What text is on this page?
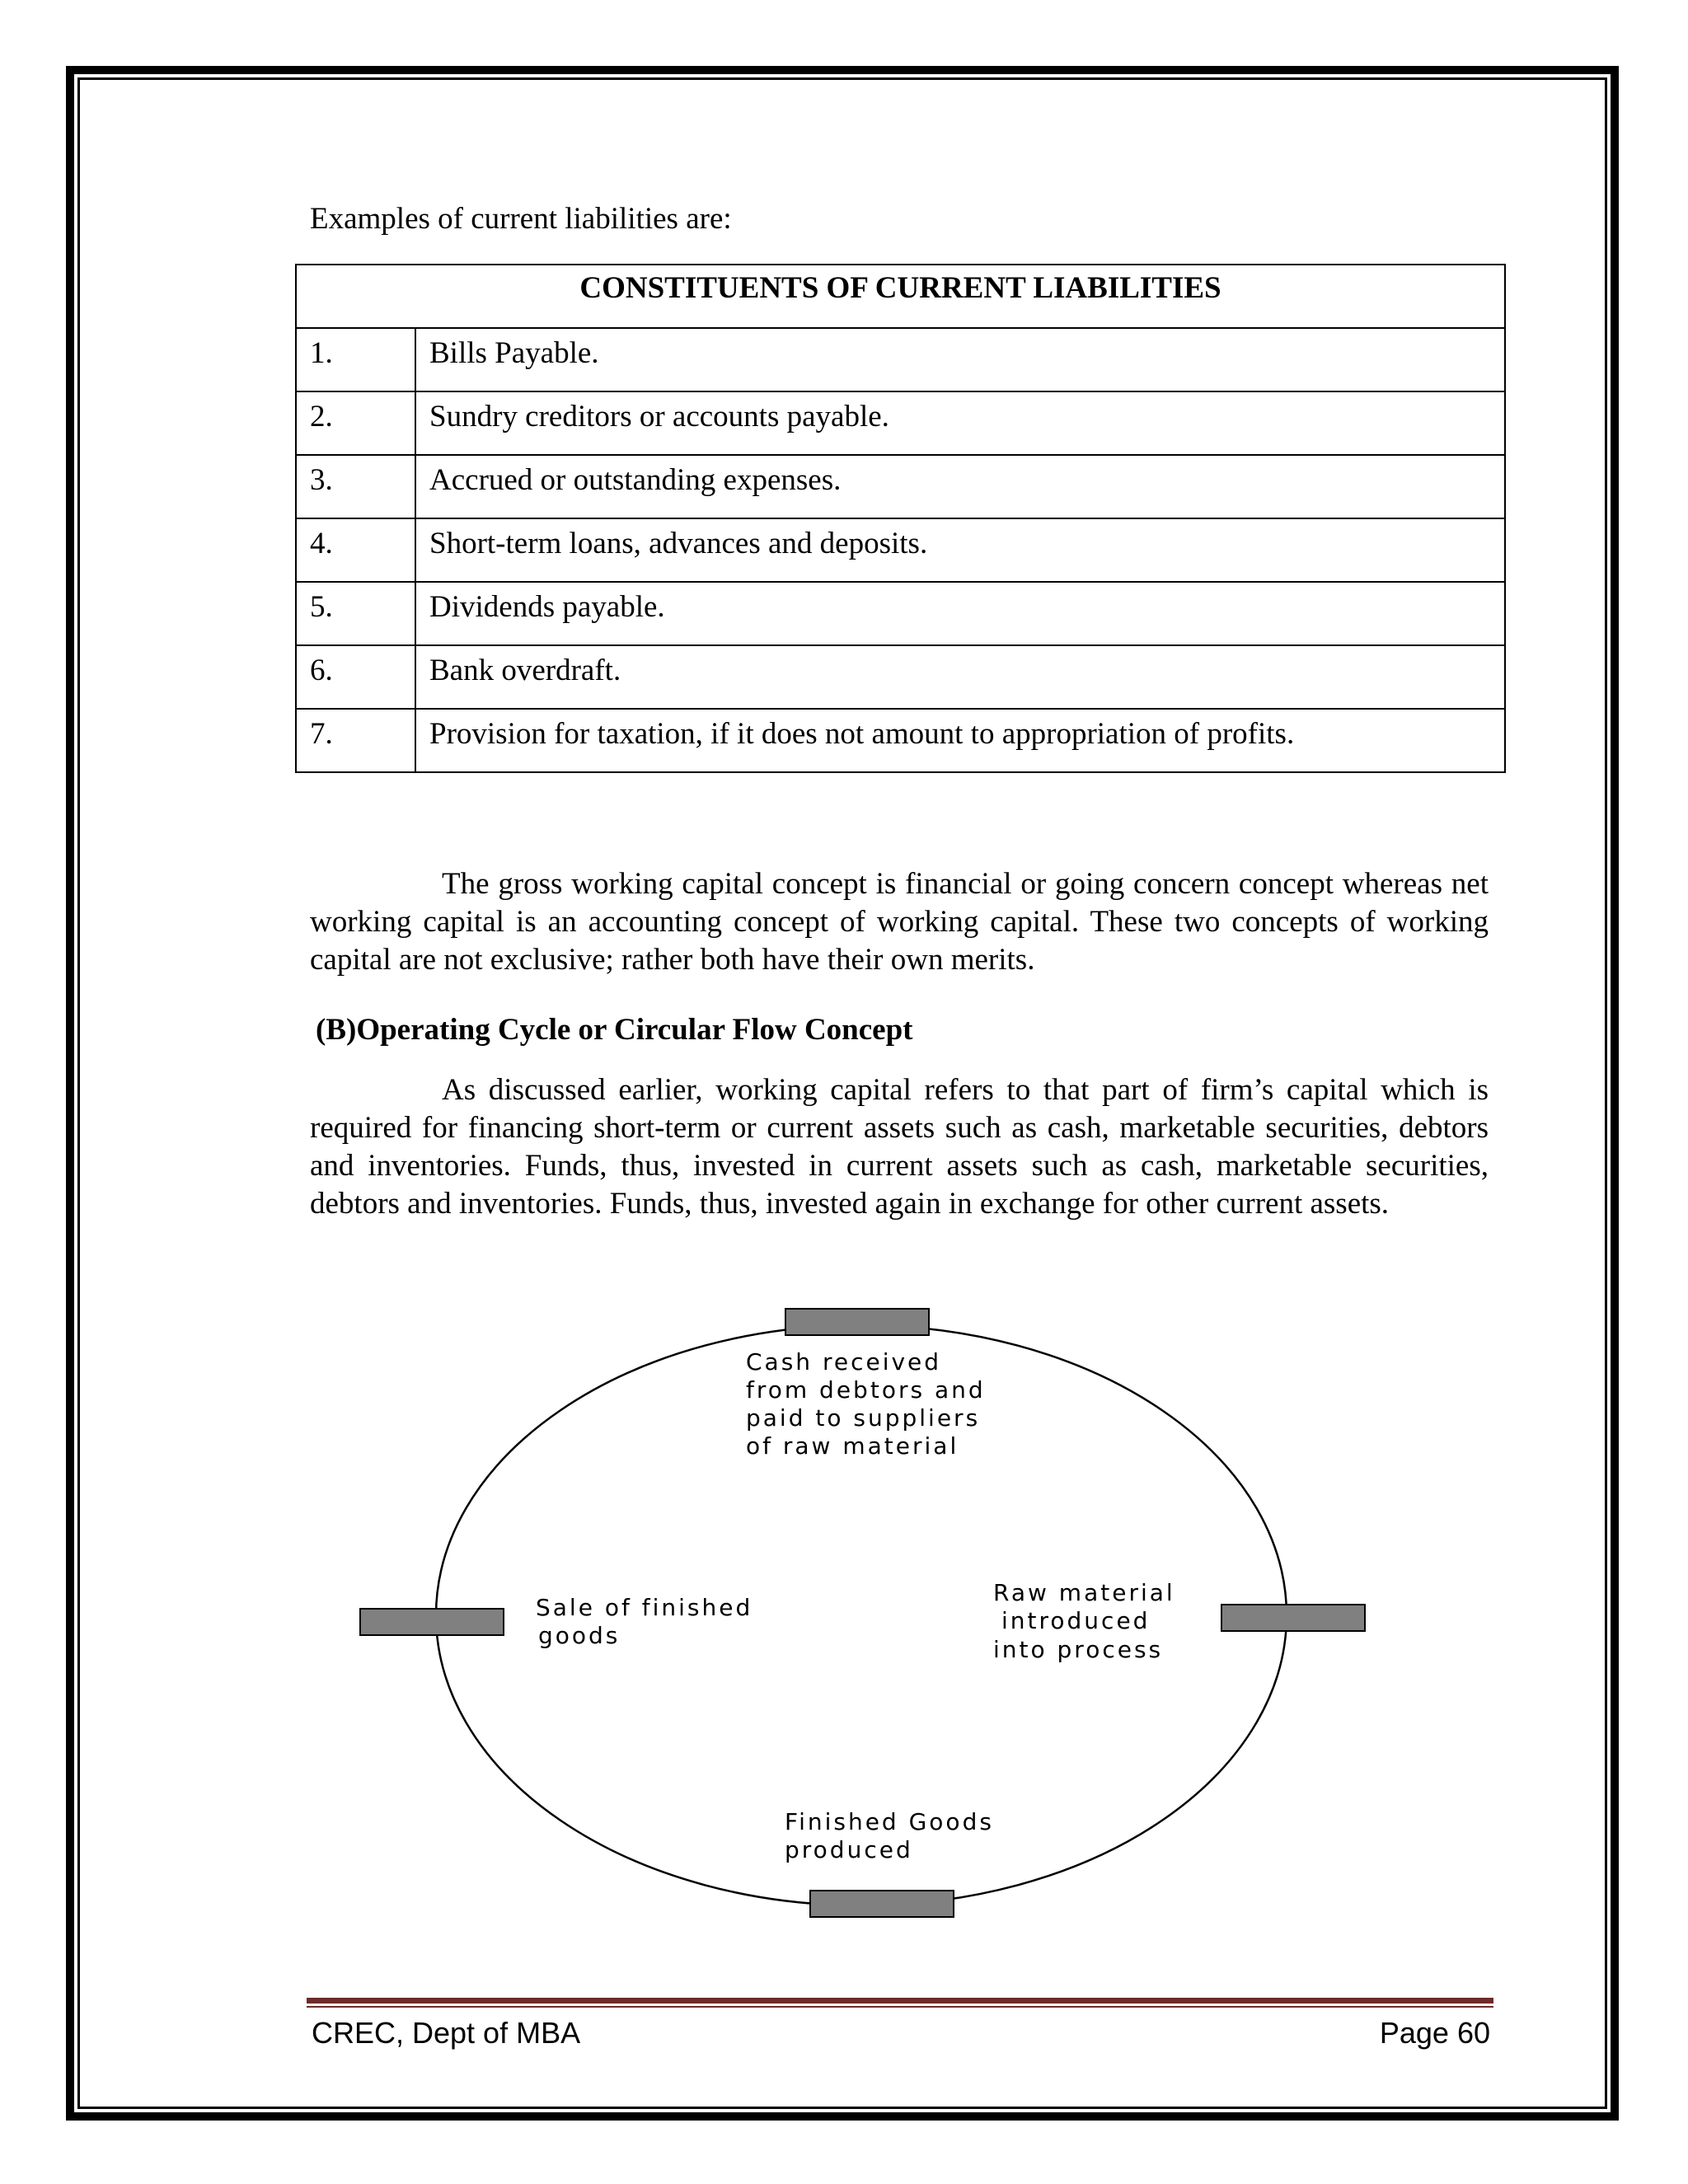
Examples of current liabilities are:
CONSTITUENTS OF CURRENT LIABILITIES	
1.	Bills Payable.
2.	Sundry creditors or accounts payable.
3.	Accrued or outstanding expenses.
4.	Short-term loans, advances and deposits.
5.	Dividends payable.
6.	Bank overdraft.
7.	Provision for taxation, if it does not amount to appropriation of profits.
The gross working capital concept is financial or going concern concept whereas net working capital is an accounting concept of working capital. These two concepts of working capital are not exclusive; rather both have their own merits.
(B)Operating Cycle or Circular Flow Concept
As discussed earlier, working capital refers to that part of firm’s capital which is required for financing short-term or current assets such as cash, marketable securities, debtors and inventories. Funds, thus, invested in current assets such as cash, marketable securities, debtors and inventories. Funds, thus, invested again in exchange for other current assets.
Cash received from debtors and paid to suppliers of raw material
Raw material introduced into process
Finished Goods produced
Sale of finished goods
CREC, Dept of MBA	Page 60
